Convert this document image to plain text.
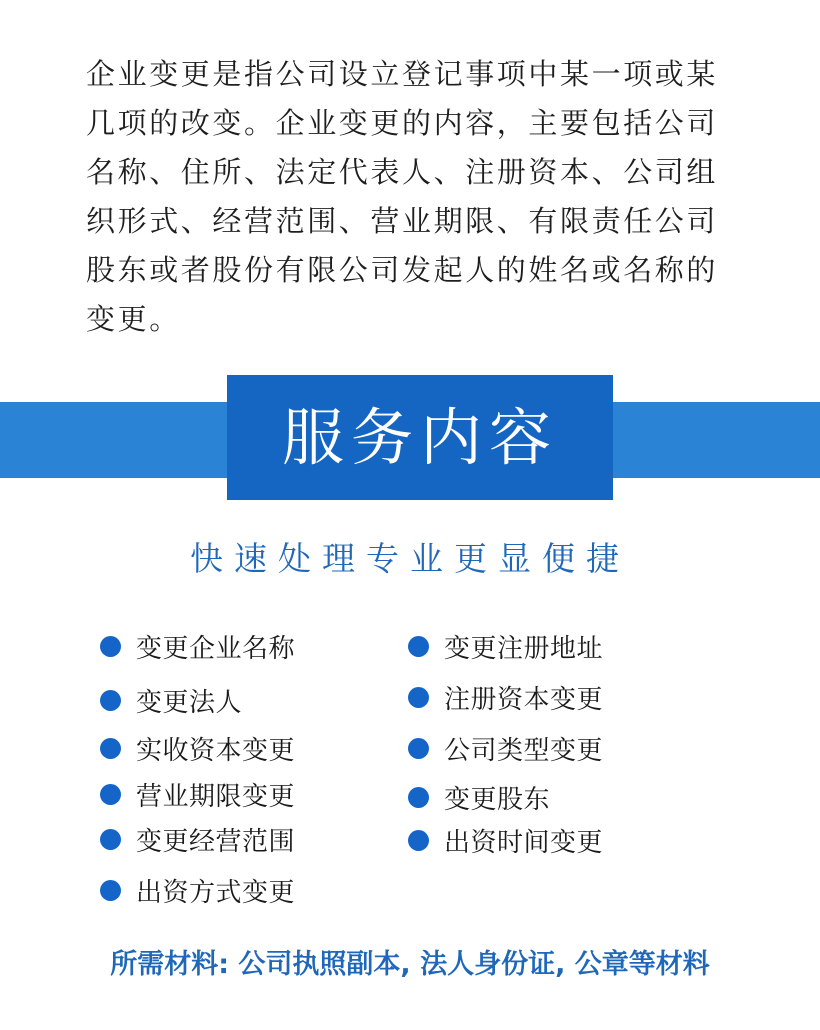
企业变更是指公司设立登记事项中某一项或某
几项的改变。企业变更的内容，主要包括公司
名称、住所、法定代表人、注册资本、公司组
织形式、经营范围、营业期限、有限责任公司
股东或者股份有限公司发起人的姓名或名称的
变更。
服务内容
快速处理专业更显便捷
变更企业名称
变更法人
实收资本变更
营业期限变更
变更经营范围
出资方式变更
变更注册地址
注册资本变更
公司类型变更
变更股东
出资时间变更
所需材料: 公司执照副本, 法人身份证, 公章等材料
